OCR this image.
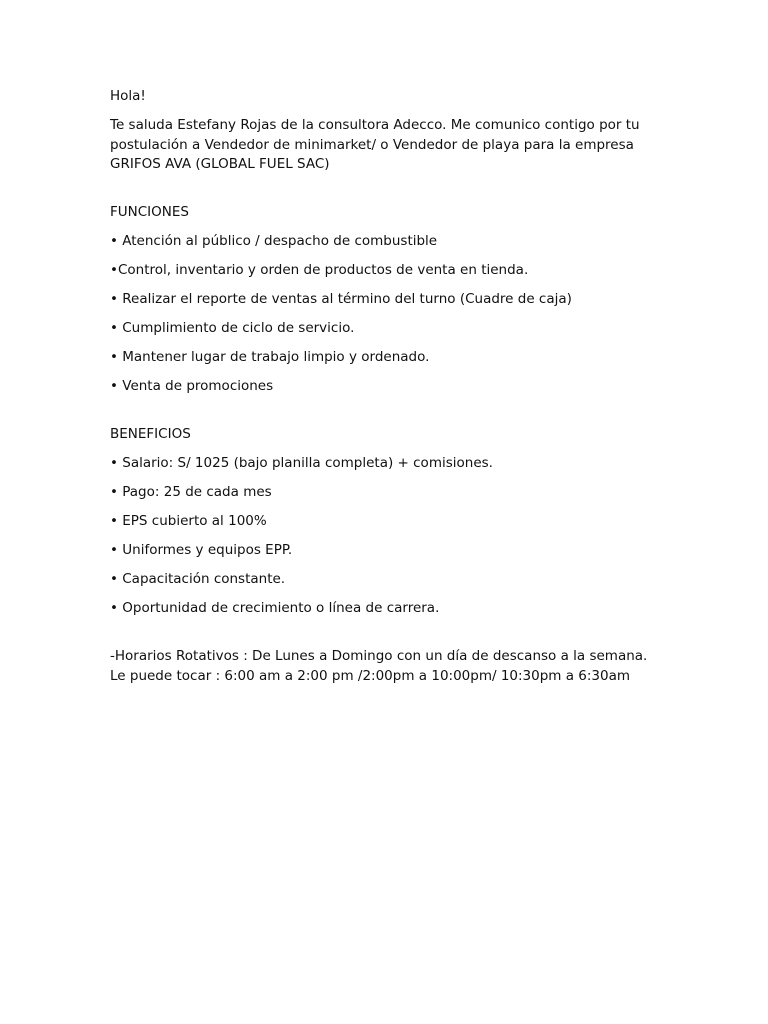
Hola!

Te saluda Estefany Rojas de la consultora Adecco. Me comunico contigo por tu postulación a Vendedor de minimarket/ o Vendedor de playa para la empresa GRIFOS AVA (GLOBAL FUEL SAC)

FUNCIONES

• Atención al público / despacho de combustible
•Control, inventario y orden de productos de venta en tienda.
• Realizar el reporte de ventas al término del turno (Cuadre de caja)
• Cumplimiento de ciclo de servicio.
• Mantener lugar de trabajo limpio y ordenado.
• Venta de promociones

BENEFICIOS

• Salario: S/ 1025 (bajo planilla completa) + comisiones.
• Pago: 25 de cada mes
• EPS cubierto al 100%
• Uniformes y equipos EPP.
• Capacitación constante.
• Oportunidad de crecimiento o línea de carrera.

-Horarios Rotativos : De Lunes a Domingo con un día de descanso a la semana. Le puede tocar : 6:00 am a 2:00 pm /2:00pm a 10:00pm/ 10:30pm a 6:30am
